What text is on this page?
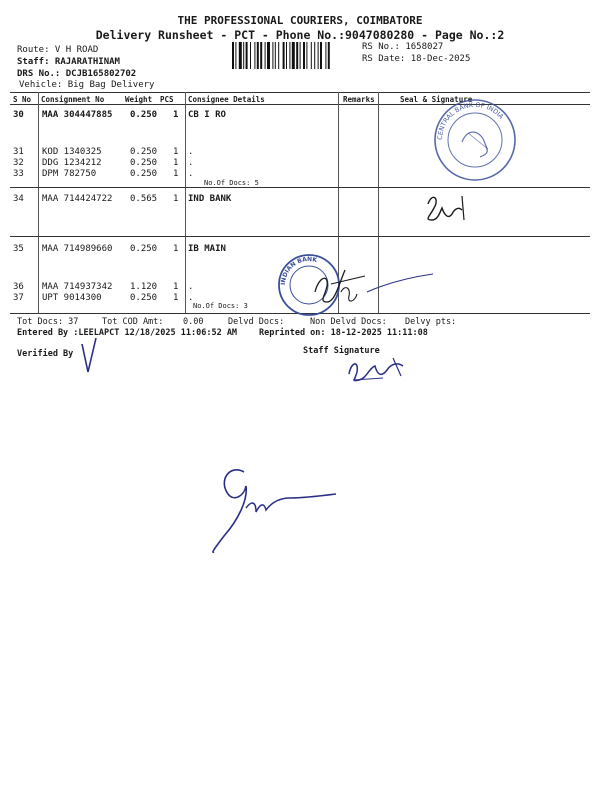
THE PROFESSIONAL COURIERS, COIMBATORE
Delivery Runsheet - PCT - Phone No.:9047080280 - Page No.:2
Route: V H ROAD
Staff: RAJARATHINAM
DRS No.: DCJB165802702
Vehicle: Big Bag Delivery
RS No.: 1658027
RS Date: 18-Dec-2025
S No Consignment No	Weight PCS Consignee Details	Remarks	Seal & Signature
30 MAA 304447885 0.250 1 CB I RO
31 KOD 1340325	0.250 1 .
32 DDG 1234212	0.250 1 .
33 DPM 782750	0.250 1 .
No.Of Docs: 5
34 MAA 714424722 0.565 1 IND BANK
35 MAA 714989660 0.250 1 IB MAIN
36 MAA 714937342 1.120 1 .
37 UPT 9014300	0.250 1 .
No.Of Docs: 3
Tot Docs: 37	Tot COD Amt: 0.00	Delvd Docs:	Non Delvd Docs: Delvy pts:
Entered By :LEELAPCT 12/18/2025 11:06:52 AM	Reprinted on: 18-12-2025 11:11:08
Verified By	Staff Signature
CENTRAL BANK OF INDIA
INDIAN BANK
